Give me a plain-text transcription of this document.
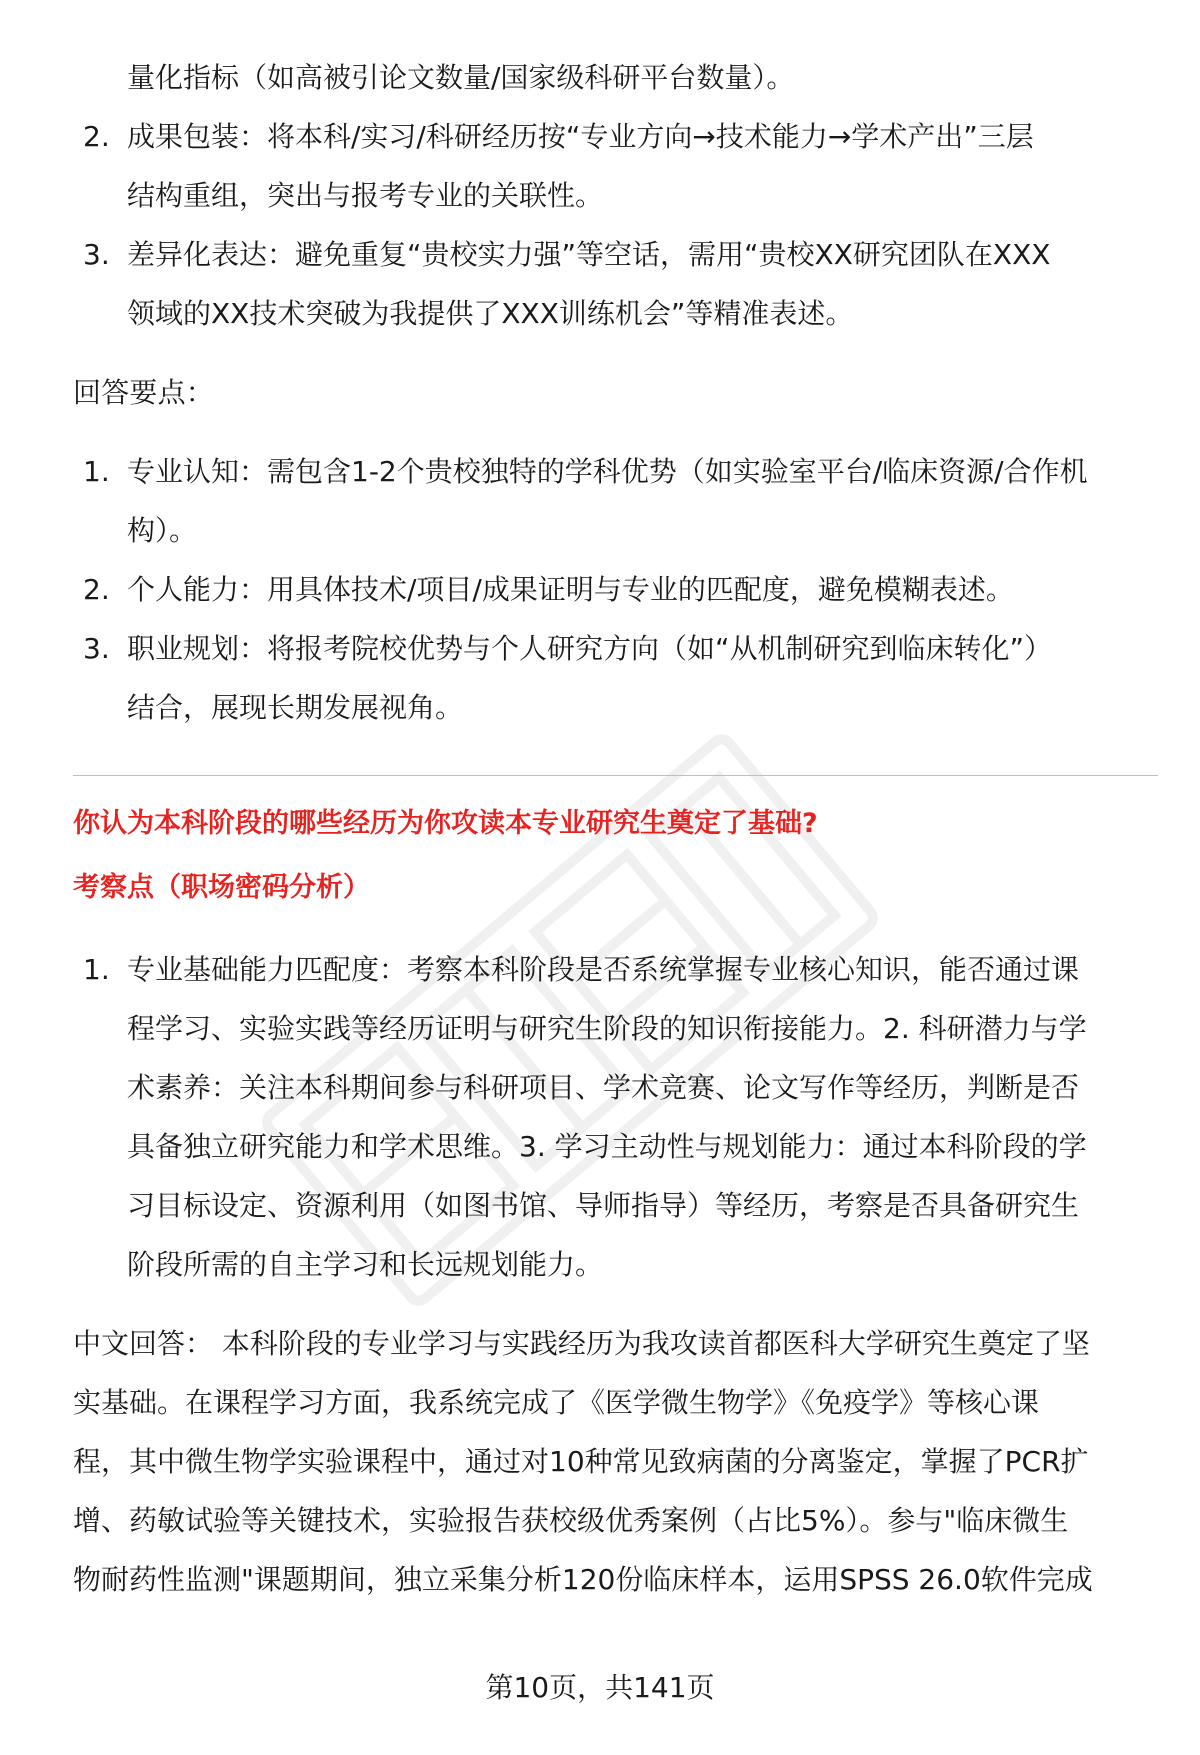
量化指标（如高被引论文数量/国家级科研平台数量）。
2. 成果包装：将本科/实习/科研经历按“专业方向→技术能力→学术产出”三层
结构重组，突出与报考专业的关联性。
3. 差异化表达：避免重复“贵校实力强”等空话，需用“贵校XX研究团队在XXX
领域的XX技术突破为我提供了XXX训练机会”等精准表述。
回答要点：
1. 专业认知：需包含1-2个贵校独特的学科优势（如实验室平台/临床资源/合作机
构）。
2. 个人能力：用具体技术/项目/成果证明与专业的匹配度，避免模糊表述。
3. 职业规划：将报考院校优势与个人研究方向（如“从机制研究到临床转化”）
结合，展现长期发展视角。
你认为本科阶段的哪些经历为你攻读本专业研究生奠定了基础?
考察点（职场密码分析）
1. 专业基础能力匹配度：考察本科阶段是否系统掌握专业核心知识，能否通过课
程学习、实验实践等经历证明与研究生阶段的知识衔接能力。2. 科研潜力与学
术素养：关注本科期间参与科研项目、学术竞赛、论文写作等经历，判断是否
具备独立研究能力和学术思维。3. 学习主动性与规划能力：通过本科阶段的学
习目标设定、资源利用（如图书馆、导师指导）等经历，考察是否具备研究生
阶段所需的自主学习和长远规划能力。
中文回答： 本科阶段的专业学习与实践经历为我攻读首都医科大学研究生奠定了坚
实基础。在课程学习方面，我系统完成了《医学微生物学》《免疫学》等核心课
程，其中微生物学实验课程中，通过对10种常见致病菌的分离鉴定，掌握了PCR扩
增、药敏试验等关键技术，实验报告获校级优秀案例（占比5%）。参与"临床微生
物耐药性监测"课题期间，独立采集分析120份临床样本，运用SPSS 26.0软件完成
第10页，共141页
